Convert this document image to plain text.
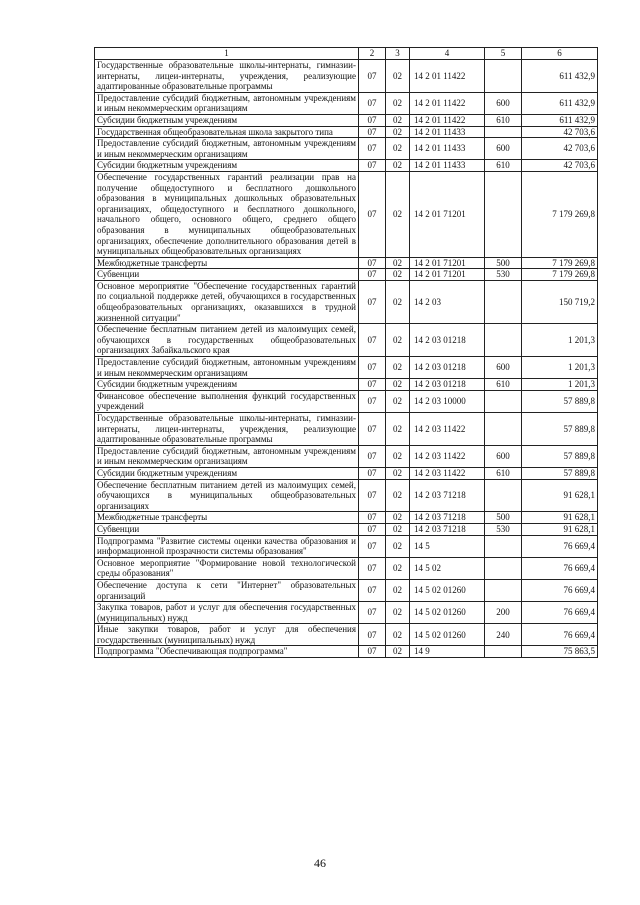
1	2	3	4	5	6
Государственные образовательные школы-интернаты, гимназии-интернаты, лицеи-интернаты, учреждения, реализующие адаптированные образовательные программы	07	02	14 2 01 11422		611 432,9
Предоставление субсидий бюджетным, автономным учреждениям и иным некоммерческим организациям	07	02	14 2 01 11422	600	611 432,9
Субсидии бюджетным учреждениям	07	02	14 2 01 11422	610	611 432,9
Государственная общеобразовательная школа закрытого типа	07	02	14 2 01 11433		42 703,6
Предоставление субсидий бюджетным, автономным учреждениям и иным некоммерческим организациям	07	02	14 2 01 11433	600	42 703,6
Субсидии бюджетным учреждениям	07	02	14 2 01 11433	610	42 703,6
Обеспечение государственных гарантий реализации прав на получение общедоступного и бесплатного дошкольного образования в муниципальных дошкольных образовательных организациях, общедоступного и бесплатного дошкольного, начального общего, основного общего, среднего общего образования в муниципальных общеобразовательных организациях, обеспечение дополнительного образования детей в муниципальных общеобразовательных организациях	07	02	14 2 01 71201		7 179 269,8
Межбюджетные трансферты	07	02	14 2 01 71201	500	7 179 269,8
Субвенции	07	02	14 2 01 71201	530	7 179 269,8
Основное мероприятие "Обеспечение государственных гарантий по социальной поддержке детей, обучающихся в государственных общеобразовательных организациях, оказавшихся в трудной жизненной ситуации"	07	02	14 2 03		150 719,2
Обеспечение бесплатным питанием детей из малоимущих семей, обучающихся в государственных общеобразовательных организациях Забайкальского края	07	02	14 2 03 01218		1 201,3
Предоставление субсидий бюджетным, автономным учреждениям и иным некоммерческим организациям	07	02	14 2 03 01218	600	1 201,3
Субсидии бюджетным учреждениям	07	02	14 2 03 01218	610	1 201,3
Финансовое обеспечение выполнения функций государственных учреждений	07	02	14 2 03 10000		57 889,8
Государственные образовательные школы-интернаты, гимназии-интернаты, лицеи-интернаты, учреждения, реализующие адаптированные образовательные программы	07	02	14 2 03 11422		57 889,8
Предоставление субсидий бюджетным, автономным учреждениям и иным некоммерческим организациям	07	02	14 2 03 11422	600	57 889,8
Субсидии бюджетным учреждениям	07	02	14 2 03 11422	610	57 889,8
Обеспечение бесплатным питанием детей из малоимущих семей, обучающихся в муниципальных общеобразовательных организациях	07	02	14 2 03 71218		91 628,1
Межбюджетные трансферты	07	02	14 2 03 71218	500	91 628,1
Субвенции	07	02	14 2 03 71218	530	91 628,1
Подпрограмма "Развитие системы оценки качества образования и информационной прозрачности системы образования"	07	02	14 5		76 669,4
Основное мероприятие "Формирование новой технологической среды образования"	07	02	14 5 02		76 669,4
Обеспечение доступа к сети "Интернет" образовательных организаций	07	02	14 5 02 01260		76 669,4
Закупка товаров, работ и услуг для обеспечения государственных (муниципальных) нужд	07	02	14 5 02 01260	200	76 669,4
Иные закупки товаров, работ и услуг для обеспечения государственных (муниципальных) нужд	07	02	14 5 02 01260	240	76 669,4
Подпрограмма "Обеспечивающая подпрограмма"	07	02	14 9		75 863,5
46
